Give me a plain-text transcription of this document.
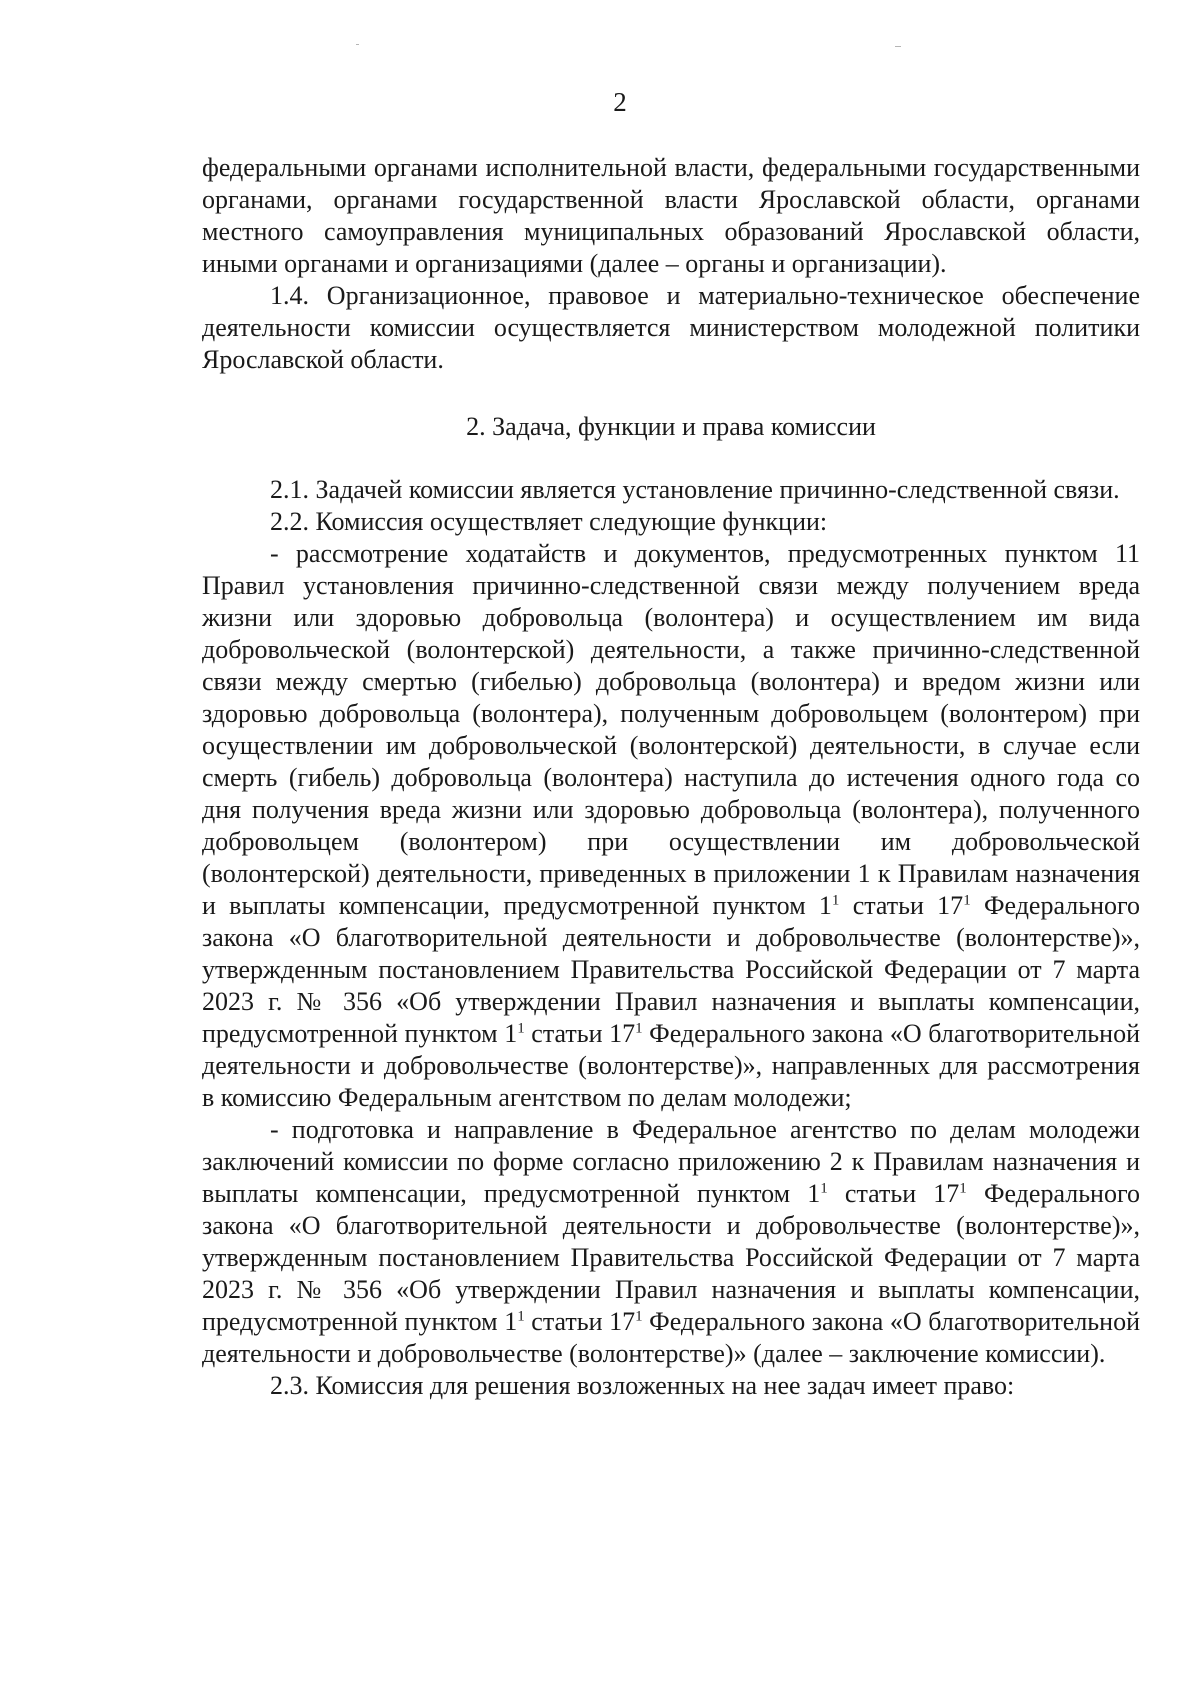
2

федеральными органами исполнительной власти, федеральными государственными органами, органами государственной власти Ярославской области, органами местного самоуправления муниципальных образований Ярославской области, иными органами и организациями (далее – органы и организации).

1.4. Организационное, правовое и материально-техническое обеспечение деятельности комиссии осуществляется министерством молодежной политики Ярославской области.

2. Задача, функции и права комиссии

2.1. Задачей комиссии является установление причинно-следственной связи.

2.2. Комиссия осуществляет следующие функции:

- рассмотрение ходатайств и документов, предусмотренных пунктом 11 Правил установления причинно-следственной связи между получением вреда жизни или здоровью добровольца (волонтера) и осуществлением им вида добровольческой (волонтерской) деятельности, а также причинно-следственной связи между смертью (гибелью) добровольца (волонтера) и вредом жизни или здоровью добровольца (волонтера), полученным добровольцем (волонтером) при осуществлении им добровольческой (волонтерской) деятельности, в случае если смерть (гибель) добровольца (волонтера) наступила до истечения одного года со дня получения вреда жизни или здоровью добровольца (волонтера), полученного добровольцем (волонтером) при осуществлении им добровольческой (волонтерской) деятельности, приведенных в приложении 1 к Правилам назначения и выплаты компенсации, предусмотренной пунктом $1^1$ статьи $17^1$ Федерального закона «О благотворительной деятельности и добровольчестве (волонтерстве)», утвержденным постановлением Правительства Российской Федерации от 7 марта 2023 г. № 356 «Об утверждении Правил назначения и выплаты компенсации, предусмотренной пунктом $1^1$ статьи $17^1$ Федерального закона «О благотворительной деятельности и добровольчестве (волонтерстве)», направленных для рассмотрения в комиссию Федеральным агентством по делам молодежи;

- подготовка и направление в Федеральное агентство по делам молодежи заключений комиссии по форме согласно приложению 2 к Правилам назначения и выплаты компенсации, предусмотренной пунктом $1^1$ статьи $17^1$ Федерального закона «О благотворительной деятельности и добровольчестве (волонтерстве)», утвержденным постановлением Правительства Российской Федерации от 7 марта 2023 г. № 356 «Об утверждении Правил назначения и выплаты компенсации, предусмотренной пунктом $1^1$ статьи $17^1$ Федерального закона «О благотворительной деятельности и добровольчестве (волонтерстве)» (далее – заключение комиссии).

2.3. Комиссия для решения возложенных на нее задач имеет право:
